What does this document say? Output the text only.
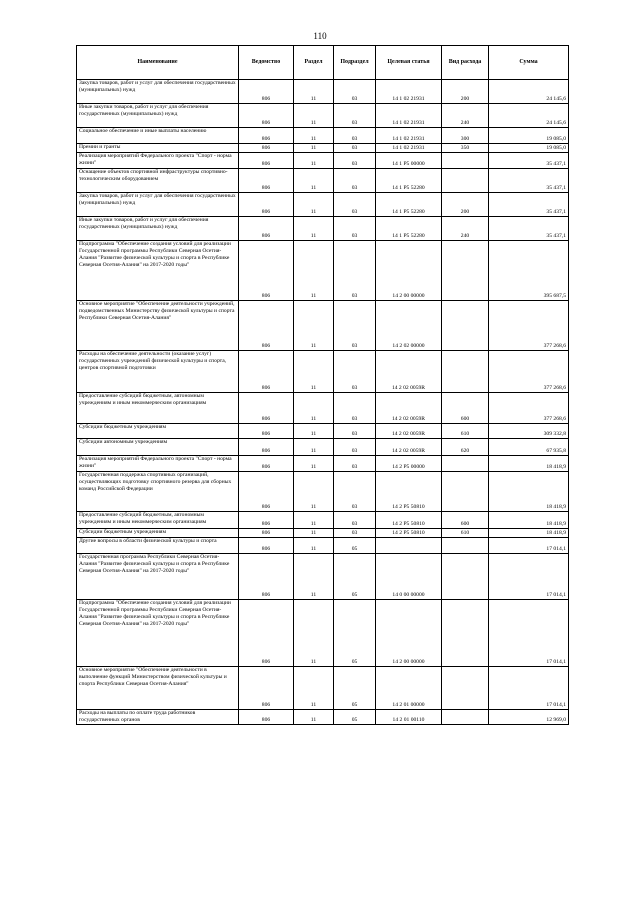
110
Наименование	Ведомство	Раздел	Подраздел	Целевая статья	Вид расхода	Сумма
Закупка товаров, работ и услуг для обеспечения государственных (муниципальных) нужд	806	11	03	14 1 02 21931	200	24 145,6
Иные закупки товаров, работ и услуг для обеспечения государственных (муниципальных) нужд	806	11	03	14 1 02 21931	240	24 145,6
Социальное обеспечение и иные выплаты населению	806	11	03	14 1 02 21931	300	19 085,0
Премии и гранты	806	11	03	14 1 02 21931	350	19 085,0
Реализация мероприятий Федерального проекта "Спорт - норма жизни"	806	11	03	14 1 P5 00000		35 437,1
Оснащение объектов спортивной инфраструктуры спортивно-технологическим оборудованием	806	11	03	14 1 P5 52280		35 437,1
Закупка товаров, работ и услуг для обеспечения государственных (муниципальных) нужд	806	11	03	14 1 P5 52280	200	35 437,1
Иные закупки товаров, работ и услуг для обеспечения государственных (муниципальных) нужд	806	11	03	14 1 P5 52280	240	35 437,1
Подпрограмма "Обеспечение создания условий для реализации Государственной программы Республики Северная Осетия-Алания "Развитие физической культуры и спорта в Республике Северная Осетия-Алания" на 2017-2020 годы"	806	11	03	14 2 00 00000		395 687,5
Основное мероприятие "Обеспечение деятельности учреждений, подведомственных Министерству физической культуры и спорта Республики Северная Осетия-Алания"	806	11	03	14 2 02 00000		377 268,6
Расходы на обеспечение деятельности (оказание услуг) государственных учреждений физической культуры и спорта, центров спортивной подготовки	806	11	03	14 2 02 0059R		377 268,6
Предоставление субсидий бюджетным, автономным учреждениям и иным некоммерческим организациям	806	11	03	14 2 02 0059R	600	377 268,6
Субсидии бюджетным учреждениям	806	11	03	14 2 02 0059R	610	309 332,8
Субсидии автономным учреждениям	806	11	03	14 2 02 0059R	620	67 935,8
Реализация мероприятий Федерального проекта "Спорт - норма жизни"	806	11	03	14 2 P5 00000		18 418,9
Государственная поддержка спортивных организаций, осуществляющих подготовку спортивного резерва для сборных команд Российской Федерации	806	11	03	14 2 P5 50810		18 418,9
Предоставление субсидий бюджетным, автономным учреждениям и иным некоммерческим организациям	806	11	03	14 2 P5 50810	600	18 418,9
Субсидии бюджетным учреждениям	806	11	03	14 2 P5 50810	610	18 418,9
Другие вопросы в области физической культуры и спорта	806	11	05			17 014,1
Государственная программа Республики Северная Осетия-Алания "Развитие физической культуры и спорта в Республике Северная Осетия-Алания" на 2017-2020 годы"	806	11	05	14 0 00 00000		17 014,1
Подпрограмма "Обеспечение создания условий для реализации Государственной программы Республики Северная Осетия-Алания "Развитие физической культуры и спорта в Республике Северная Осетия-Алания" на 2017-2020 годы"	806	11	05	14 2 00 00000		17 014,1
Основное мероприятие "Обеспечение деятельности в выполнение функций Министерством физической культуры и спорта Республики Северная Осетия-Алания"	806	11	05	14 2 01 00000		17 014,1
Расходы на выплаты по оплате труда работников государственных органов	806	11	05	14 2 01 00110		12 969,0
